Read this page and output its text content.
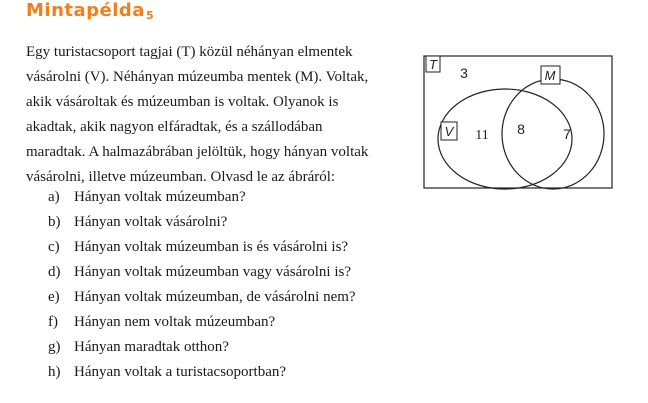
Mintapélda$_5$
Egy turistacsoport tagjai (T) közül néhányan elmentek
vásárolni (V). Néhányan múzeumba mentek (M). Voltak,
akik vásároltak és múzeumban is voltak. Olyanok is
akadtak, akik nagyon elfáradtak, és a szállodában
maradtak. A halmazábrában jelöltük, hogy hányan voltak
vásárolni, illetve múzeumban. Olvasd le az ábráról:
a) Hányan voltak múzeumban?
b) Hányan voltak vásárolni?
c) Hányan voltak múzeumban is és vásárolni is?
d) Hányan voltak múzeumban vagy vásárolni is?
e) Hányan voltak múzeumban, de vásárolni nem?
f) Hányan nem voltak múzeumban?
g) Hányan maradtak otthon?
h) Hányan voltak a turistacsoportban?
T
3
V
M
11 8	7
